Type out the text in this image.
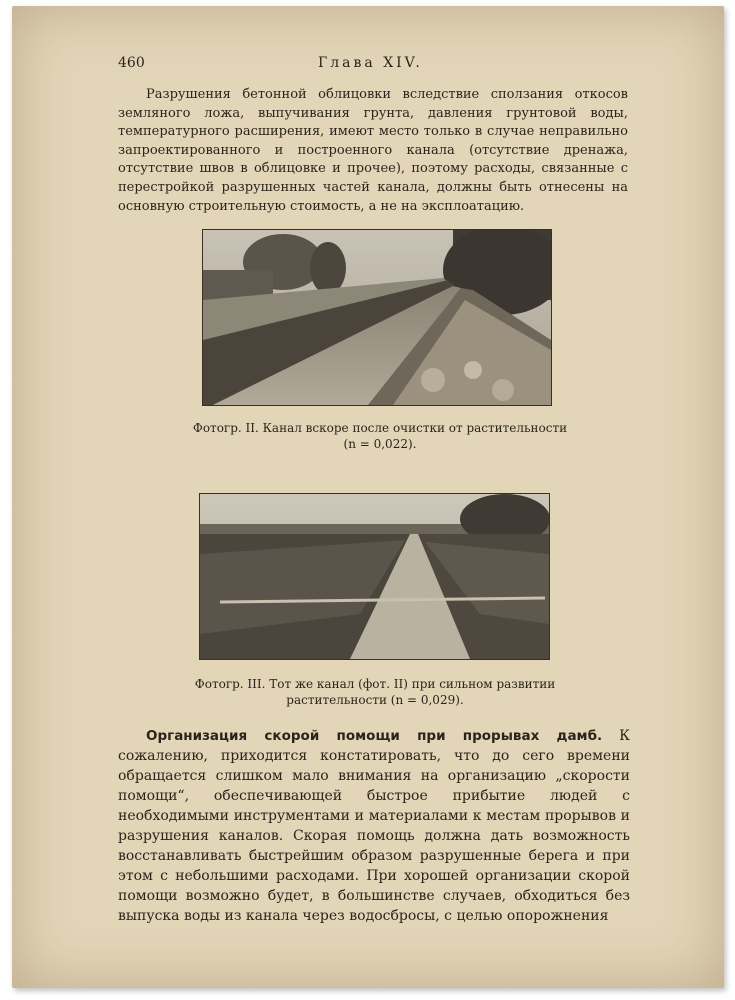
460	Глава XIV.

Разрушения бетонной облицовки вследствие сползания откосов земляного ложа, выпучивания грунта, давления грунтовой воды, температурного расширения, имеют место только в случае неправильно запроектированного и построенного канала (отсутствие дренажа, отсутствие швов в облицовке и прочее), поэтому расходы, связанные с перестройкой разрушенных частей канала, должны быть отнесены на основную строительную стоимость, а не на эксплоатацию.

Фотогр. II. Канал вскоре после очистки от растительности
(n = 0,022).
Фотогр. III. Тот же канал (фот. II) при сильном развитии
растительности (n = 0,029).

Организация скорой помощи при прорывах дамб. К сожалению, приходится констатировать, что до сего времени обращается слишком мало внимания на организацию „скорости помощи“, обеспечивающей быстрое прибытие людей с необходимыми инструментами и материалами к местам прорывов и разрушения каналов. Скорая помощь должна дать возможность восстанавливать быстрейшим образом разрушенные берега и при этом с небольшими расходами. При хорошей организации скорой помощи возможно будет, в большинстве случаев, обходиться без выпуска воды из канала через водосбросы, с целью опорожнения
